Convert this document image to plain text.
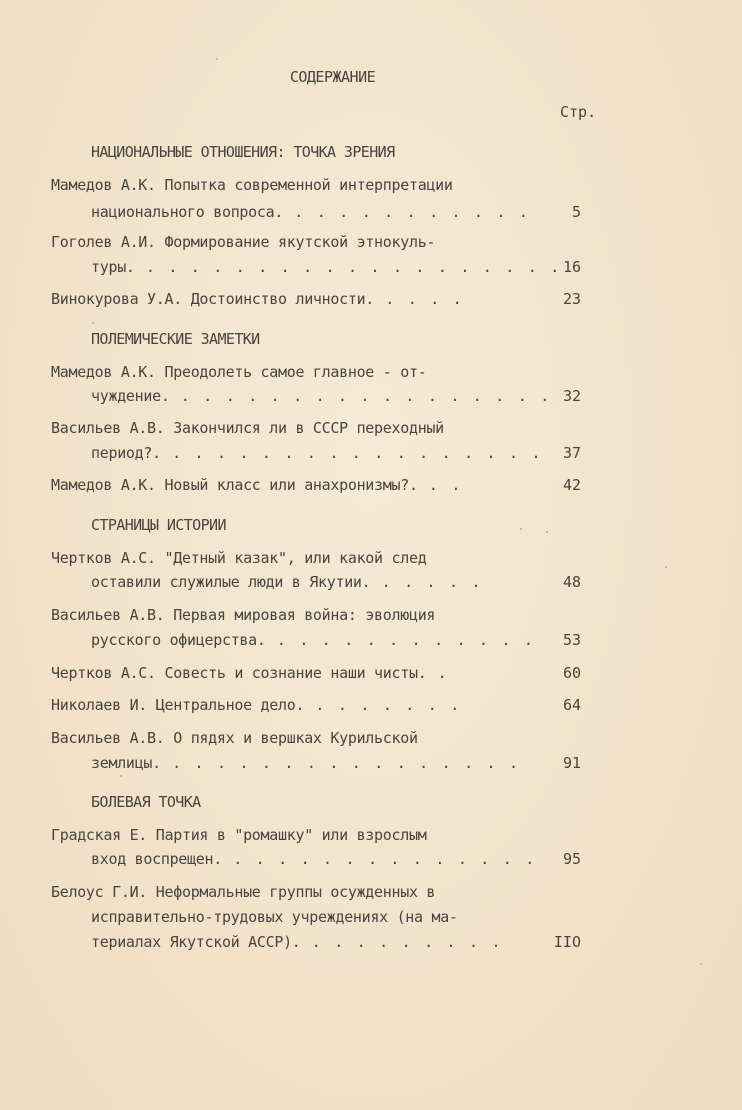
СОДЕРЖАНИЕ
Стр.
НАЦИОНАЛЬНЫЕ ОТНОШЕНИЯ: ТОЧКА ЗРЕНИЯ
Мамедов А.К. Попытка современной интерпретации
национального вопроса. . . . . . . . . . . .	5
Гоголев А.И. Формирование якутской этнокуль-
туры. . . . . . . . . . . . . . . . . . . . 16
Винокурова У.А. Достоинство личности. . . . .	23
ПОЛЕМИЧЕСКИЕ ЗАМЕТКИ
Мамедов А.К. Преодолеть самое главное - от-
чуждение. . . . . . . . . . . . . . . . . . 32
Васильев А.В. Закончился ли в СССР переходный
период?. . . . . . . . . . . . . . . . . .	37
Мамедов А.К. Новый класс или анахронизмы?. . .	42
СТРАНИЦЫ ИСТОРИИ
Чертков А.С. "Детный казак", или какой след
оставили служилые люди в Якутии. . . . . .	48
Васильев А.В. Первая мировая война: эволюция
русского офицерства. . . . . . . . . . . . .	53
Чертков А.С. Совесть и сознание наши чисты. .	60
Николаев И. Центральное дело. . . . . . . .	64
Васильев А.В. О пядях и вершках Курильской
землицы. . . . . . . . . . . . . . . . .	91
БОЛЕВАЯ ТОЧКА
Градская Е. Партия в "ромашку" или взрослым
вход воспрещен. . . . . . . . . . . . . . .	95
Белоус Г.И. Неформальные группы осужденных в
исправительно-трудовых учреждениях (на ма-
териалах Якутской АССР). . . . . . . . . .	IIO
